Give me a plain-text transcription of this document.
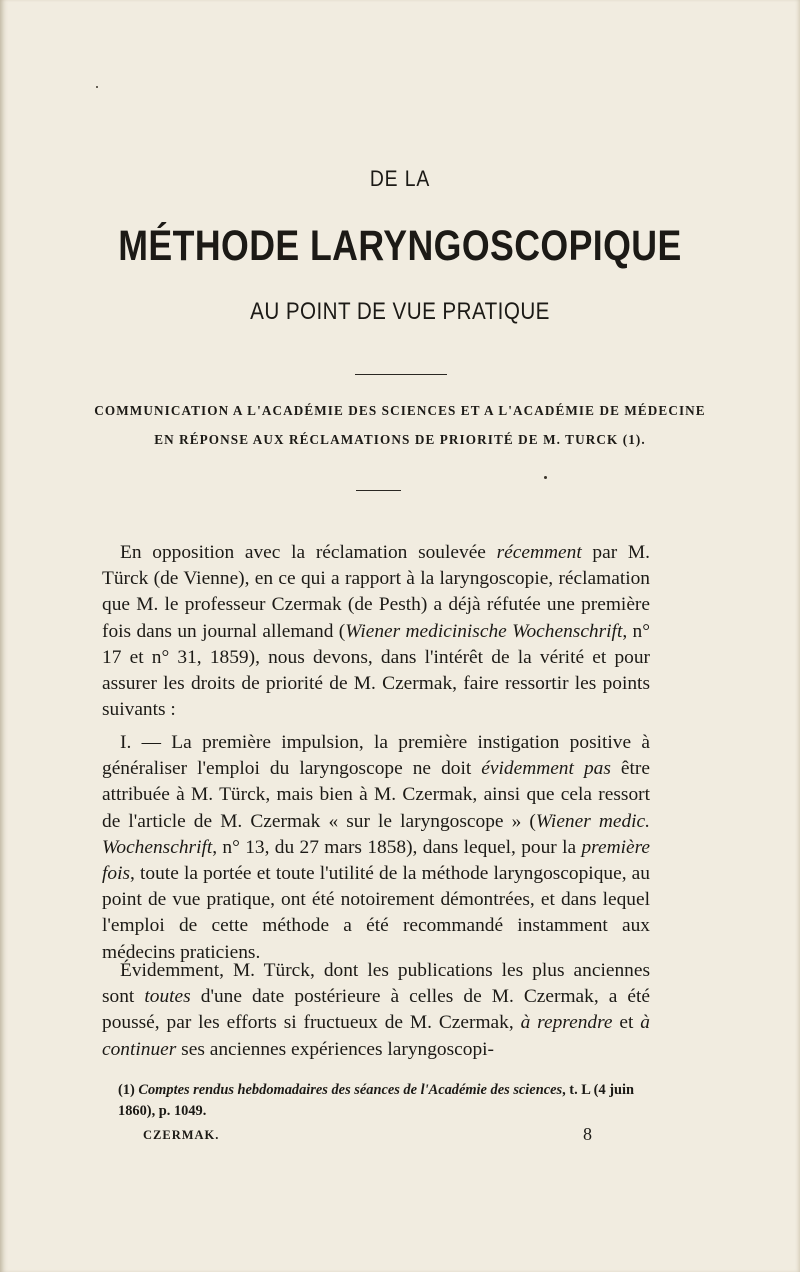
DE LA
MÉTHODE LARYNGOSCOPIQUE
AU POINT DE VUE PRATIQUE
COMMUNICATION A L'ACADÉMIE DES SCIENCES ET A L'ACADÉMIE DE MÉDECINE
EN RÉPONSE AUX RÉCLAMATIONS DE PRIORITÉ DE M. TURCK (1).

En opposition avec la réclamation soulevée récemment par M. Türck (de Vienne), en ce qui a rapport à la laryngoscopie, réclamation que M. le professeur Czermak (de Pesth) a déjà réfutée une première fois dans un journal allemand (Wiener medicinische Wochenschrift, n° 17 et n° 31, 1859), nous devons, dans l'intérêt de la vérité et pour assurer les droits de priorité de M. Czermak, faire ressortir les points suivants :

I. — La première impulsion, la première instigation positive à généraliser l'emploi du laryngoscope ne doit évidemment pas être attribuée à M. Türck, mais bien à M. Czermak, ainsi que cela ressort de l'article de M. Czermak « sur le laryngoscope » (Wiener medic. Wochenschrift, n° 13, du 27 mars 1858), dans lequel, pour la première fois, toute la portée et toute l'utilité de la méthode laryngoscopique, au point de vue pratique, ont été notoirement démontrées, et dans lequel l'emploi de cette méthode a été recommandé instamment aux médecins praticiens.

Évidemment, M. Türck, dont les publications les plus anciennes sont toutes d'une date postérieure à celles de M. Czermak, a été poussé, par les efforts si fructueux de M. Czermak, à reprendre et à continuer ses anciennes expériences laryngoscopi-

(1) Comptes rendus hebdomadaires des séances de l'Académie des sciences, t. L (4 juin 1860), p. 1049.
CZERMAK.	8
